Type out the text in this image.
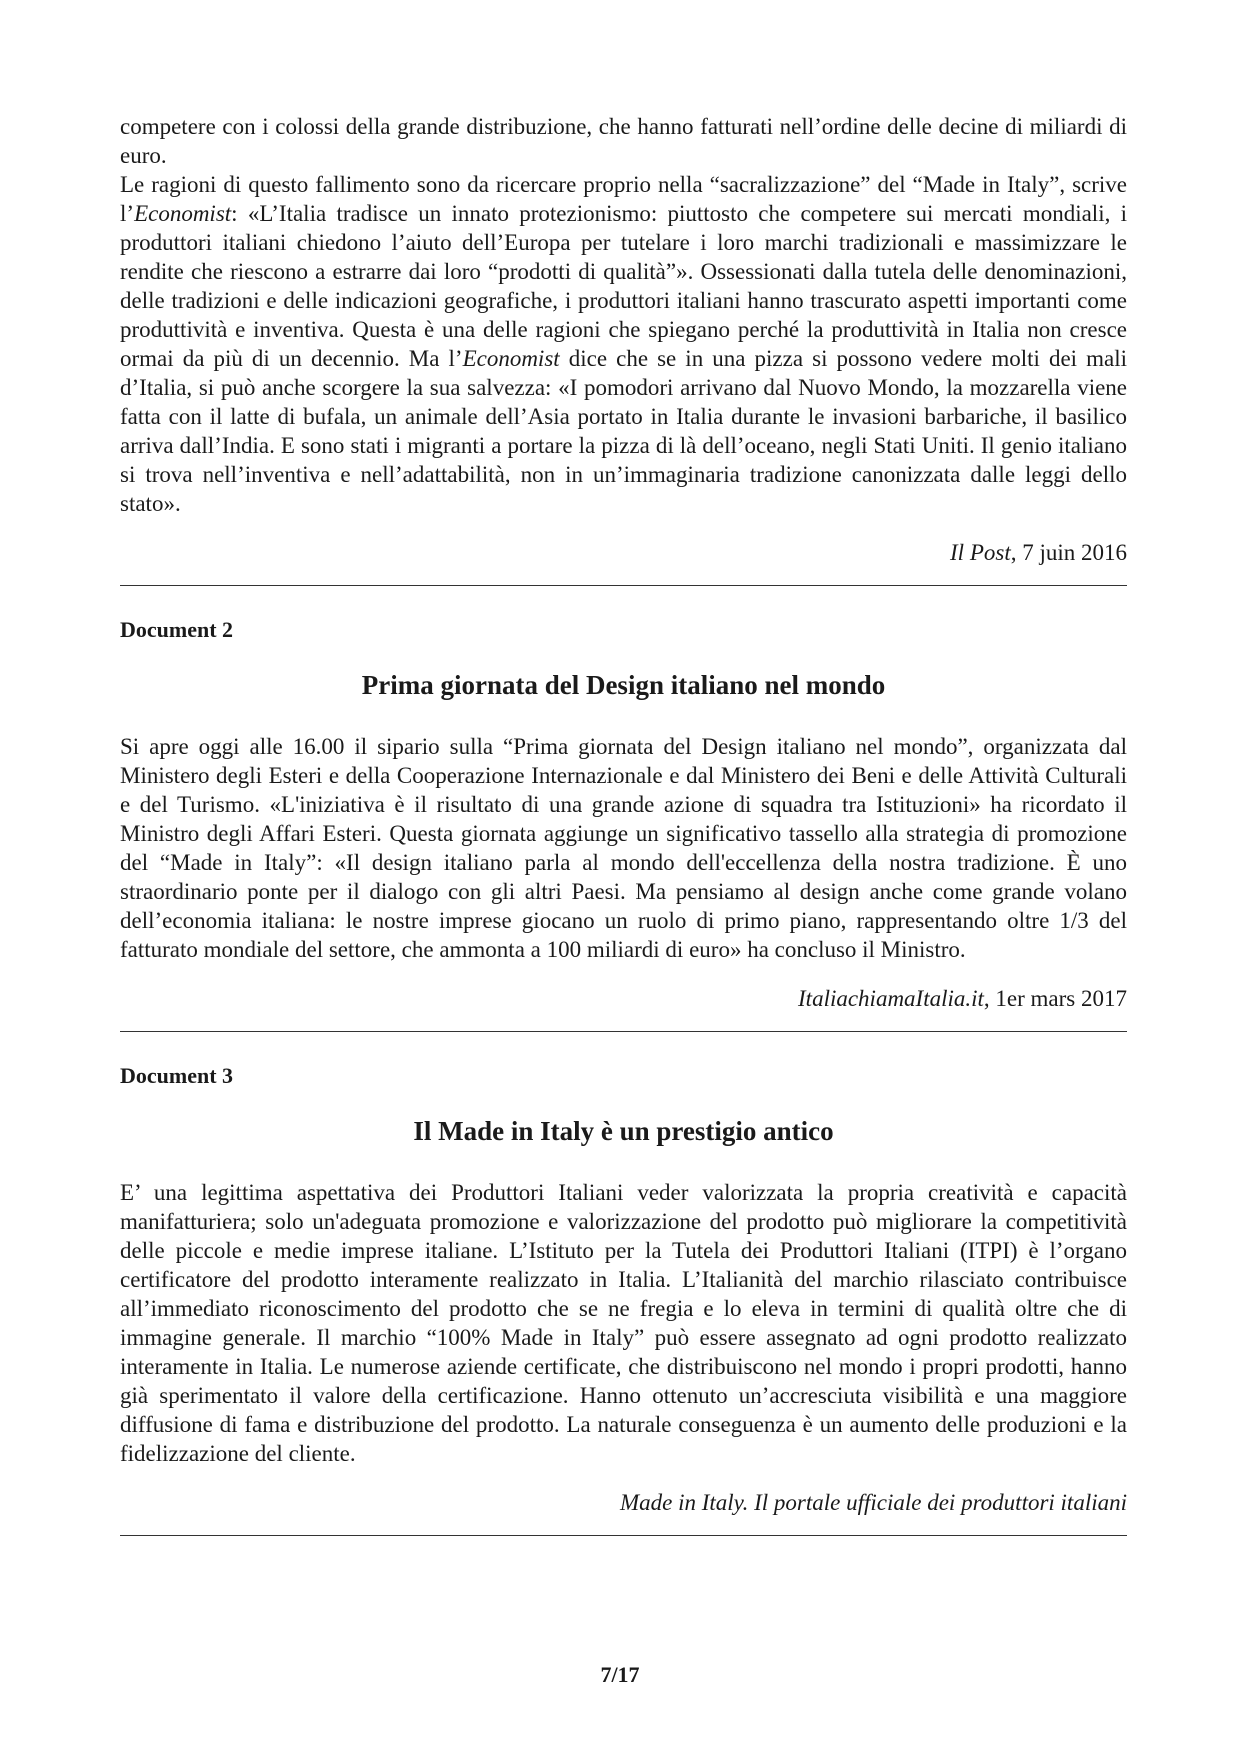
competere con i colossi della grande distribuzione, che hanno fatturati nell’ordine delle decine di miliardi di euro.

Le ragioni di questo fallimento sono da ricercare proprio nella “sacralizzazione” del “Made in Italy”, scrive l’Economist: «L’Italia tradisce un innato protezionismo: piuttosto che competere sui mercati mondiali, i produttori italiani chiedono l’aiuto dell’Europa per tutelare i loro marchi tradizionali e massimizzare le rendite che riescono a estrarre dai loro “prodotti di qualità”». Ossessionati dalla tutela delle denominazioni, delle tradizioni e delle indicazioni geografiche, i produttori italiani hanno trascurato aspetti importanti come produttività e inventiva. Questa è una delle ragioni che spiegano perché la produttività in Italia non cresce ormai da più di un decennio. Ma l’Economist dice che se in una pizza si possono vedere molti dei mali d’Italia, si può anche scorgere la sua salvezza: «I pomodori arrivano dal Nuovo Mondo, la mozzarella viene fatta con il latte di bufala, un animale dell’Asia portato in Italia durante le invasioni barbariche, il basilico arriva dall’India. E sono stati i migranti a portare la pizza di là dell’oceano, negli Stati Uniti. Il genio italiano si trova nell’inventiva e nell’adattabilità, non in un’immaginaria tradizione canonizzata dalle leggi dello stato».

Il Post, 7 juin 2016
Document 2
Prima giornata del Design italiano nel mondo

Si apre oggi alle 16.00 il sipario sulla “Prima giornata del Design italiano nel mondo”, organizzata dal Ministero degli Esteri e della Cooperazione Internazionale e dal Ministero dei Beni e delle Attività Culturali e del Turismo. «L'iniziativa è il risultato di una grande azione di squadra tra Istituzioni» ha ricordato il Ministro degli Affari Esteri. Questa giornata aggiunge un significativo tassello alla strategia di promozione del “Made in Italy”: «Il design italiano parla al mondo dell'eccellenza della nostra tradizione. È uno straordinario ponte per il dialogo con gli altri Paesi. Ma pensiamo al design anche come grande volano dell’economia italiana: le nostre imprese giocano un ruolo di primo piano, rappresentando oltre 1/3 del fatturato mondiale del settore, che ammonta a 100 miliardi di euro» ha concluso il Ministro.

ItaliachiamaItalia.it, 1er mars 2017
Document 3
Il Made in Italy è un prestigio antico

E’ una legittima aspettativa dei Produttori Italiani veder valorizzata la propria creatività e capacità manifatturiera; solo un'adeguata promozione e valorizzazione del prodotto può migliorare la competitività delle piccole e medie imprese italiane. L’Istituto per la Tutela dei Produttori Italiani (ITPI) è l’organo certificatore del prodotto interamente realizzato in Italia. L’Italianità del marchio rilasciato contribuisce all’immediato riconoscimento del prodotto che se ne fregia e lo eleva in termini di qualità oltre che di immagine generale. Il marchio “100% Made in Italy” può essere assegnato ad ogni prodotto realizzato interamente in Italia. Le numerose aziende certificate, che distribuiscono nel mondo i propri prodotti, hanno già sperimentato il valore della certificazione. Hanno ottenuto un’accresciuta visibilità e una maggiore diffusione di fama e distribuzione del prodotto. La naturale conseguenza è un aumento delle produzioni e la fidelizzazione del cliente.

Made in Italy. Il portale ufficiale dei produttori italiani
7/17
